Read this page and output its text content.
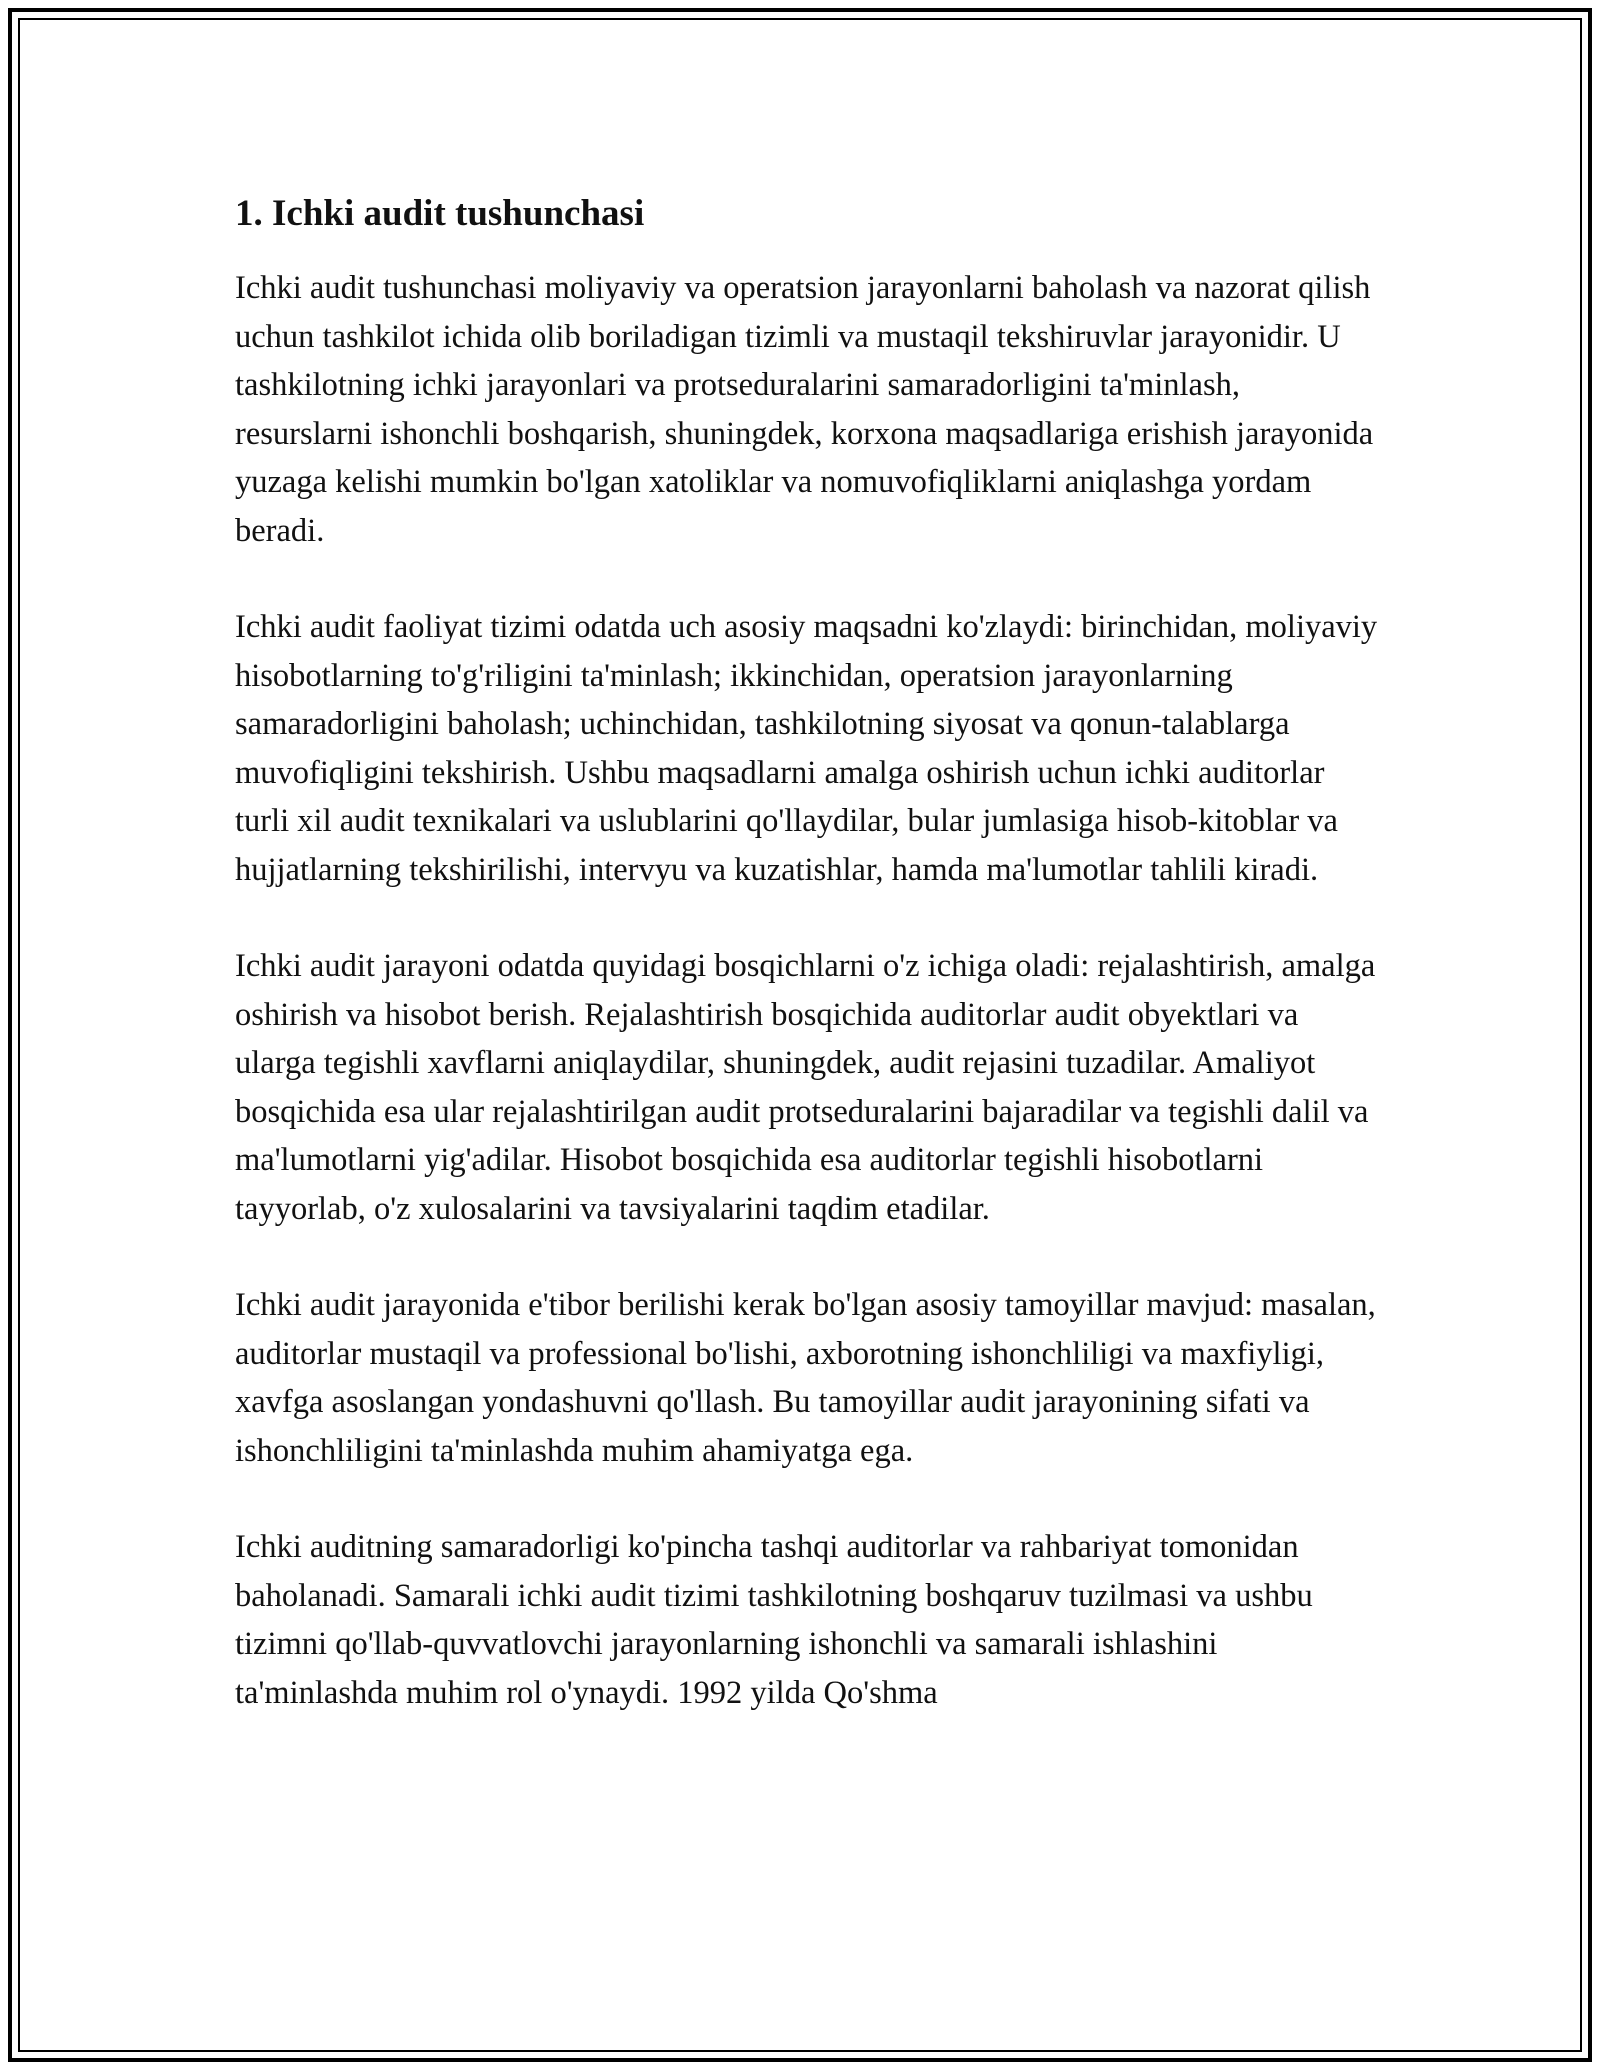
1. Ichki audit tushunchasi

Ichki audit tushunchasi moliyaviy va operatsion jarayonlarni baholash va nazorat qilish uchun tashkilot ichida olib boriladigan tizimli va mustaqil tekshiruvlar jarayonidir. U tashkilotning ichki jarayonlari va protseduralarini samaradorligini ta'minlash, resurslarni ishonchli boshqarish, shuningdek, korxona maqsadlariga erishish jarayonida yuzaga kelishi mumkin bo'lgan xatoliklar va nomuvofiqliklarni aniqlashga yordam beradi.

Ichki audit faoliyat tizimi odatda uch asosiy maqsadni ko'zlaydi: birinchidan, moliyaviy hisobotlarning to'g'riligini ta'minlash; ikkinchidan, operatsion jarayonlarning samaradorligini baholash; uchinchidan, tashkilotning siyosat va qonun-talablarga muvofiqligini tekshirish. Ushbu maqsadlarni amalga oshirish uchun ichki auditorlar turli xil audit texnikalari va uslublarini qo'llaydilar, bular jumlasiga hisob-kitoblar va hujjatlarning tekshirilishi, intervyu va kuzatishlar, hamda ma'lumotlar tahlili kiradi.

Ichki audit jarayoni odatda quyidagi bosqichlarni o'z ichiga oladi: rejalashtirish, amalga oshirish va hisobot berish. Rejalashtirish bosqichida auditorlar audit obyektlari va ularga tegishli xavflarni aniqlaydilar, shuningdek, audit rejasini tuzadilar. Amaliyot bosqichida esa ular rejalashtirilgan audit protseduralarini bajaradilar va tegishli dalil va ma'lumotlarni yig'adilar. Hisobot bosqichida esa auditorlar tegishli hisobotlarni tayyorlab, o'z xulosalarini va tavsiyalarini taqdim etadilar.

Ichki audit jarayonida e'tibor berilishi kerak bo'lgan asosiy tamoyillar mavjud: masalan, auditorlar mustaqil va professional bo'lishi, axborotning ishonchliligi va maxfiyligi, xavfga asoslangan yondashuvni qo'llash. Bu tamoyillar audit jarayonining sifati va ishonchliligini ta'minlashda muhim ahamiyatga ega.

Ichki auditning samaradorligi ko'pincha tashqi auditorlar va rahbariyat tomonidan baholanadi. Samarali ichki audit tizimi tashkilotning boshqaruv tuzilmasi va ushbu tizimni qo'llab-quvvatlovchi jarayonlarning ishonchli va samarali ishlashini ta'minlashda muhim rol o'ynaydi. 1992 yilda Qo'shma
